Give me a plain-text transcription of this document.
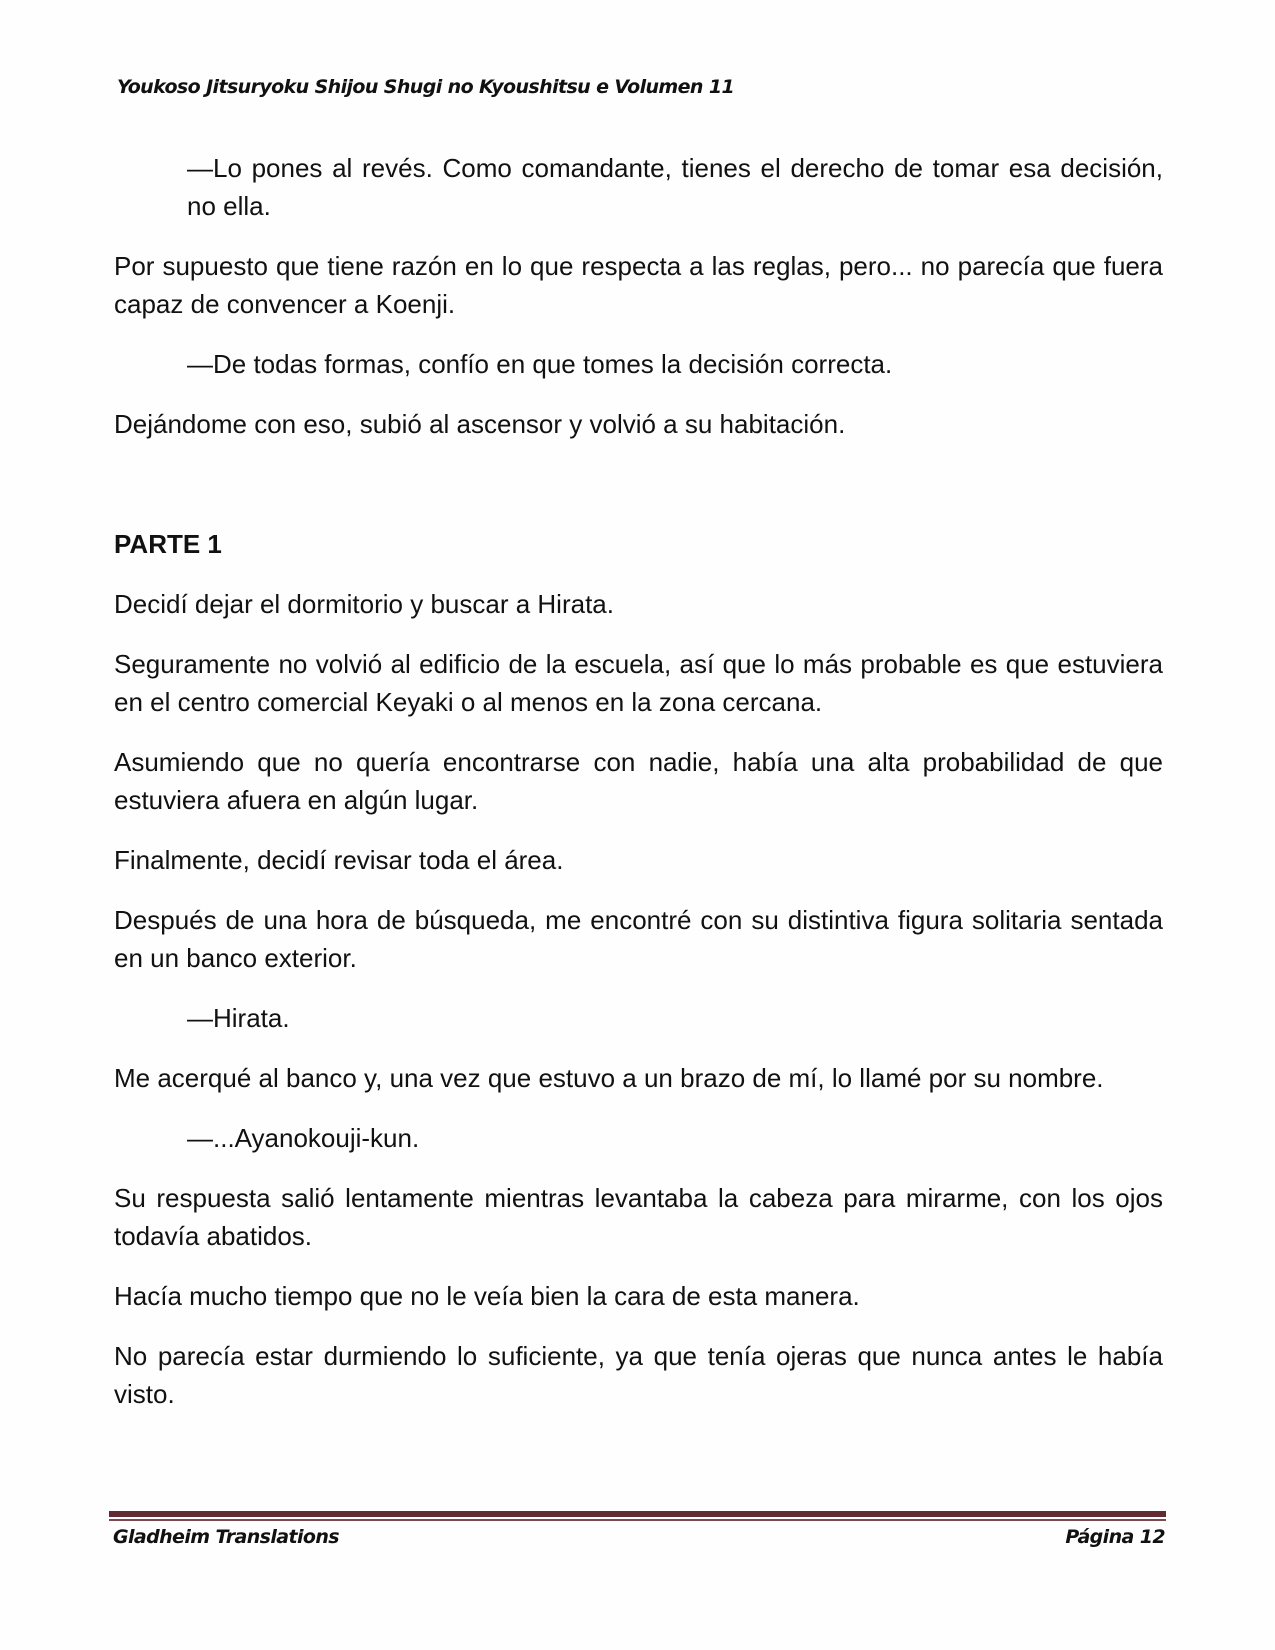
Youkoso Jitsuryoku Shijou Shugi no Kyoushitsu e Volumen 11

—Lo pones al revés. Como comandante, tienes el derecho de tomar esa decisión, no ella.

Por supuesto que tiene razón en lo que respecta a las reglas, pero... no parecía que fuera capaz de convencer a Koenji.

—De todas formas, confío en que tomes la decisión correcta.

Dejándome con eso, subió al ascensor y volvió a su habitación.

PARTE 1

Decidí dejar el dormitorio y buscar a Hirata.

Seguramente no volvió al edificio de la escuela, así que lo más probable es que estuviera en el centro comercial Keyaki o al menos en la zona cercana.

Asumiendo que no quería encontrarse con nadie, había una alta probabilidad de que estuviera afuera en algún lugar.

Finalmente, decidí revisar toda el área.

Después de una hora de búsqueda, me encontré con su distintiva figura solitaria sentada en un banco exterior.

—Hirata.

Me acerqué al banco y, una vez que estuvo a un brazo de mí, lo llamé por su nombre.

—...Ayanokouji-kun.

Su respuesta salió lentamente mientras levantaba la cabeza para mirarme, con los ojos todavía abatidos.

Hacía mucho tiempo que no le veía bien la cara de esta manera.

No parecía estar durmiendo lo suficiente, ya que tenía ojeras que nunca antes le había visto.

Gladheim Translations	Página 12
